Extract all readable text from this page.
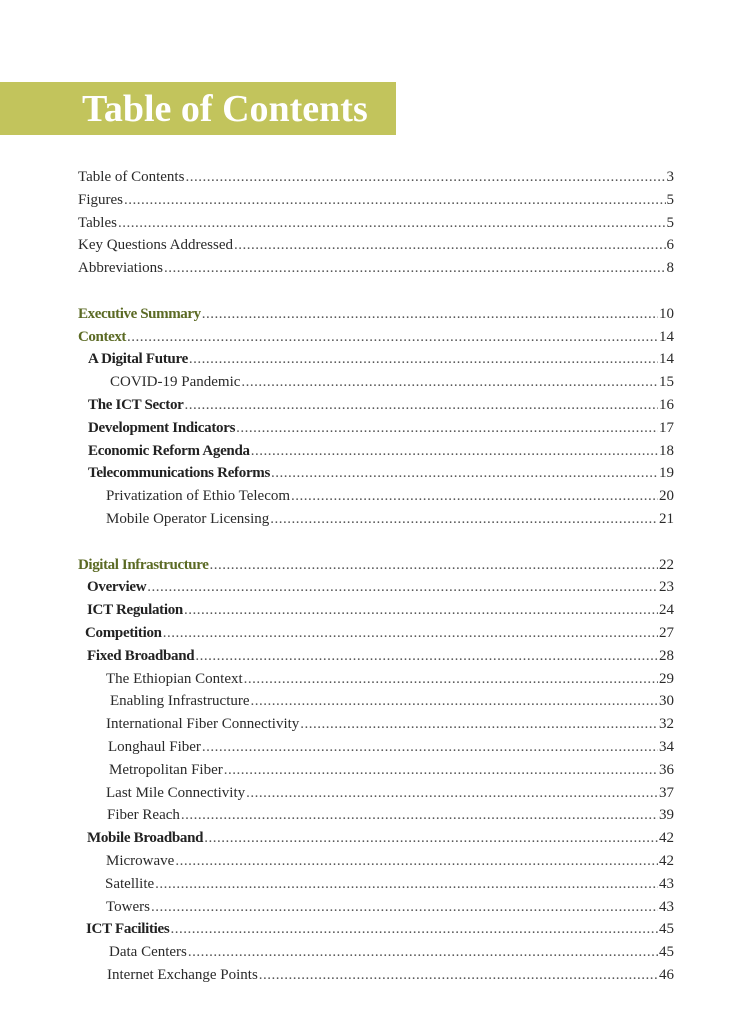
Table of Contents
Table of Contents .....	3
Figures .....	5
Tables .....	5
Key Questions Addressed .....	6
Abbreviations .....	8
Executive Summary .....	10
Context .....	14
A Digital Future .....	14
COVID-19 Pandemic .....	15
The ICT Sector .....	16
Development Indicators .....	17
Economic Reform Agenda .....	18
Telecommunications Reforms .....	19
Privatization of Ethio Telecom .....	20
Mobile Operator Licensing .....	21
Digital Infrastructure .....	22
Overview .....	23
ICT Regulation .....	24
Competition .....	27
Fixed Broadband .....	28
The Ethiopian Context .....	29
Enabling Infrastructure .....	30
International Fiber Connectivity .....	32
Longhaul Fiber .....	34
Metropolitan Fiber .....	36
Last Mile Connectivity .....	37
Fiber Reach .....	39
Mobile Broadband .....	42
Microwave .....	42
Satellite .....	43
Towers .....	43
ICT Facilities .....	45
Data Centers .....	45
Internet Exchange Points .....	46
